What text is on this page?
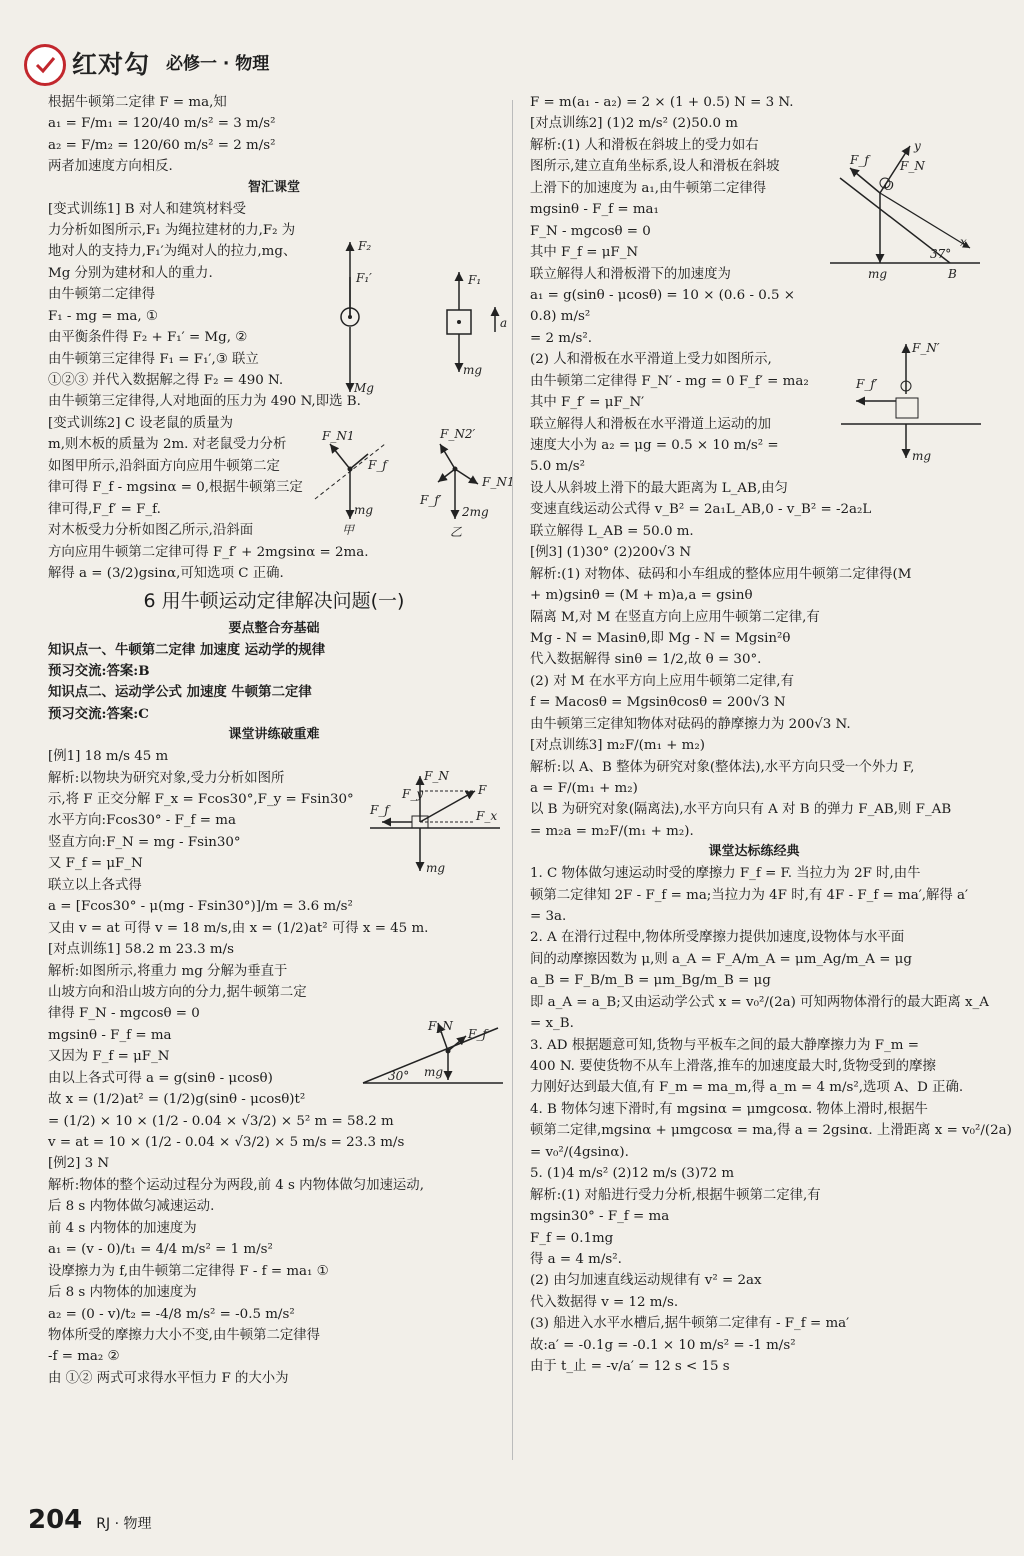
红对勾 必修一 · 物理
根据牛顿第二定律 F = ma,知
a₁ = F/m₁ = 120/40 m/s² = 3 m/s²
a₂ = F/m₂ = 120/60 m/s² = 2 m/s²
两者加速度方向相反.
智汇课堂
[变式训练1] B 对人和建筑材料受
力分析如图所示,F₁ 为绳拉建材的力,F₂ 为
地对人的支持力,F₁′为绳对人的拉力,mg、
Mg 分别为建材和人的重力.
由牛顿第二定律得
F₁ - mg = ma, ①
由平衡条件得 F₂ + F₁′ = Mg, ②
由牛顿第三定律得 F₁ = F₁′,③ 联立
①②③ 并代入数据解之得 F₂ = 490 N.
由牛顿第三定律得,人对地面的压力为 490 N,即选 B.
[变式训练2] C 设老鼠的质量为
m,则木板的质量为 2m. 对老鼠受力分析
如图甲所示,沿斜面方向应用牛顿第二定
律可得 F_f - mgsinα = 0,根据牛顿第三定
律可得,F_f′ = F_f.
对木板受力分析如图乙所示,沿斜面
方向应用牛顿第二定律可得 F_f′ + 2mgsinα = 2ma.
解得 a = (3/2)gsinα,可知选项 C 正确.
6 用牛顿运动定律解决问题(一)
要点整合夯基础
知识点一、牛顿第二定律 加速度 运动学的规律
预习交流:答案:B
知识点二、运动学公式 加速度 牛顿第二定律
预习交流:答案:C
课堂讲练破重难
[例1] 18 m/s 45 m
解析:以物块为研究对象,受力分析如图所
示,将 F 正交分解 F_x = Fcos30°,F_y = Fsin30°
水平方向:Fcos30° - F_f = ma
竖直方向:F_N = mg - Fsin30°
又 F_f = μF_N
联立以上各式得
a = [Fcos30° - μ(mg - Fsin30°)]/m = 3.6 m/s²
又由 v = at 可得 v = 18 m/s,由 x = (1/2)at² 可得 x = 45 m.
[对点训练1] 58.2 m 23.3 m/s
解析:如图所示,将重力 mg 分解为垂直于
山坡方向和沿山坡方向的分力,据牛顿第二定
律得 F_N - mgcosθ = 0
mgsinθ - F_f = ma
又因为 F_f = μF_N
由以上各式可得 a = g(sinθ - μcosθ)
故 x = (1/2)at² = (1/2)g(sinθ - μcosθ)t²
= (1/2) × 10 × (1/2 - 0.04 × √3/2) × 5² m = 58.2 m
v = at = 10 × (1/2 - 0.04 × √3/2) × 5 m/s = 23.3 m/s
[例2] 3 N
解析:物体的整个运动过程分为两段,前 4 s 内物体做匀加速运动,
后 8 s 内物体做匀减速运动.
前 4 s 内物体的加速度为
a₁ = (v - 0)/t₁ = 4/4 m/s² = 1 m/s²
设摩擦力为 f,由牛顿第二定律得 F - f = ma₁ ①
后 8 s 内物体的加速度为
a₂ = (0 - v)/t₂ = -4/8 m/s² = -0.5 m/s²
物体所受的摩擦力大小不变,由牛顿第二定律得
-f = ma₂ ②
由 ①② 两式可求得水平恒力 F 的大小为
F = m(a₁ - a₂) = 2 × (1 + 0.5) N = 3 N.
[对点训练2] (1)2 m/s² (2)50.0 m
解析:(1) 人和滑板在斜坡上的受力如右
图所示,建立直角坐标系,设人和滑板在斜坡
上滑下的加速度为 a₁,由牛顿第二定律得
mgsinθ - F_f = ma₁
F_N - mgcosθ = 0
其中 F_f = μF_N
联立解得人和滑板滑下的加速度为
a₁ = g(sinθ - μcosθ) = 10 × (0.6 - 0.5 ×
0.8) m/s²
= 2 m/s².
(2) 人和滑板在水平滑道上受力如图所示,
由牛顿第二定律得 F_N′ - mg = 0 F_f′ = ma₂
其中 F_f′ = μF_N′
联立解得人和滑板在水平滑道上运动的加
速度大小为 a₂ = μg = 0.5 × 10 m/s² =
5.0 m/s²
设人从斜坡上滑下的最大距离为 L_AB,由匀
变速直线运动公式得 v_B² = 2a₁L_AB,0 - v_B² = -2a₂L
联立解得 L_AB = 50.0 m.
[例3] (1)30° (2)200√3 N
解析:(1) 对物体、砝码和小车组成的整体应用牛顿第二定律得(M
+ m)gsinθ = (M + m)a,a = gsinθ
隔离 M,对 M 在竖直方向上应用牛顿第二定律,有
Mg - N = Masinθ,即 Mg - N = Mgsin²θ
代入数据解得 sinθ = 1/2,故 θ = 30°.
(2) 对 M 在水平方向上应用牛顿第二定律,有
f = Macosθ = Mgsinθcosθ = 200√3 N
由牛顿第三定律知物体对砝码的静摩擦力为 200√3 N.
[对点训练3] m₂F/(m₁ + m₂)
解析:以 A、B 整体为研究对象(整体法),水平方向只受一个外力 F,
a = F/(m₁ + m₂)
以 B 为研究对象(隔离法),水平方向只有 A 对 B 的弹力 F_AB,则 F_AB
= m₂a = m₂F/(m₁ + m₂).
课堂达标练经典
1. C 物体做匀速运动时受的摩擦力 F_f = F. 当拉力为 2F 时,由牛
顿第二定律知 2F - F_f = ma;当拉力为 4F 时,有 4F - F_f = ma′,解得 a′
= 3a.
2. A 在滑行过程中,物体所受摩擦力提供加速度,设物体与水平面
间的动摩擦因数为 μ,则 a_A = F_A/m_A = μm_Ag/m_A = μg
a_B = F_B/m_B = μm_Bg/m_B = μg
即 a_A = a_B;又由运动学公式 x = v₀²/(2a) 可知两物体滑行的最大距离 x_A
= x_B.
3. AD 根据题意可知,货物与平板车之间的最大静摩擦力为 F_m =
400 N. 要使货物不从车上滑落,推车的加速度最大时,货物受到的摩擦
力刚好达到最大值,有 F_m = ma_m,得 a_m = 4 m/s²,选项 A、D 正确.
4. B 物体匀速下滑时,有 mgsinα = μmgcosα. 物体上滑时,根据牛
顿第二定律,mgsinα + μmgcosα = ma,得 a = 2gsinα. 上滑距离 x = v₀²/(2a)
= v₀²/(4gsinα).
5. (1)4 m/s² (2)12 m/s (3)72 m
解析:(1) 对船进行受力分析,根据牛顿第二定律,有
mgsin30° - F_f = ma
F_f = 0.1mg
得 a = 4 m/s².
(2) 由匀加速直线运动规律有 v² = 2ax
代入数据得 v = 12 m/s.
(3) 船进入水平水槽后,据牛顿第二定律有 - F_f = ma′
故:a′ = -0.1g = -0.1 × 10 m/s² = -1 m/s²
由于 t_止 = -v/a′ = 12 s < 15 s
F₂
F₁′
Mg
F₁
a
mg
F_N1
F_f
mg
甲
F_N2′
F_N1
F_f′
2mg
乙
F_N
F_y	F
F_f	F_x
mg
F_N
F_f
30° mg
y
F_f	F_N
O
37°
x
mg	B
F_N′
F_f′
mg
204 RJ · 物理
